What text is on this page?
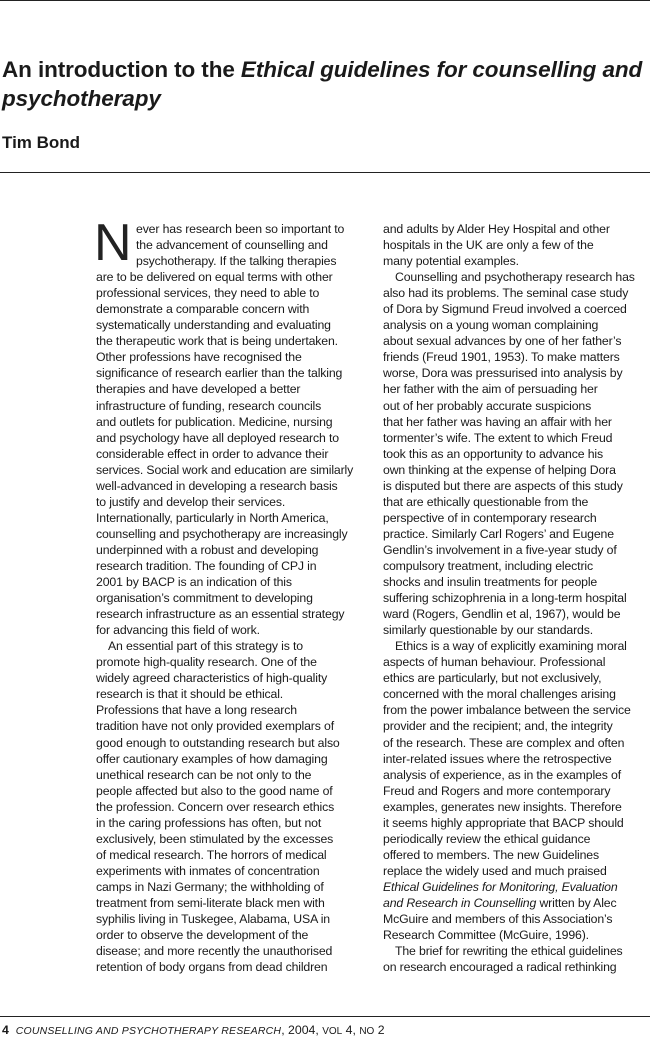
An introduction to the Ethical guidelines for counselling and psychotherapy
Tim Bond
N ever has research been so important to
the advancement of counselling and
psychotherapy. If the talking therapies
are to be delivered on equal terms with other
professional services, they need to able to
demonstrate a comparable concern with
systematically understanding and evaluating
the therapeutic work that is being undertaken.
Other professions have recognised the
significance of research earlier than the talking
therapies and have developed a better
infrastructure of funding, research councils
and outlets for publication. Medicine, nursing
and psychology have all deployed research to
considerable effect in order to advance their
services. Social work and education are similarly
well-advanced in developing a research basis
to justify and develop their services.
Internationally, particularly in North America,
counselling and psychotherapy are increasingly
underpinned with a robust and developing
research tradition. The founding of CPJ in
2001 by BACP is an indication of this
organisation’s commitment to developing
research infrastructure as an essential strategy
for advancing this field of work.
An essential part of this strategy is to
promote high-quality research. One of the
widely agreed characteristics of high-quality
research is that it should be ethical.
Professions that have a long research
tradition have not only provided exemplars of
good enough to outstanding research but also
offer cautionary examples of how damaging
unethical research can be not only to the
people affected but also to the good name of
the profession. Concern over research ethics
in the caring professions has often, but not
exclusively, been stimulated by the excesses
of medical research. The horrors of medical
experiments with inmates of concentration
camps in Nazi Germany; the withholding of
treatment from semi-literate black men with
syphilis living in Tuskegee, Alabama, USA in
order to observe the development of the
disease; and more recently the unauthorised
retention of body organs from dead children
and adults by Alder Hey Hospital and other
hospitals in the UK are only a few of the
many potential examples.
Counselling and psychotherapy research has
also had its problems. The seminal case study
of Dora by Sigmund Freud involved a coerced
analysis on a young woman complaining
about sexual advances by one of her father’s
friends (Freud 1901, 1953). To make matters
worse, Dora was pressurised into analysis by
her father with the aim of persuading her
out of her probably accurate suspicions
that her father was having an affair with her
tormenter’s wife. The extent to which Freud
took this as an opportunity to advance his
own thinking at the expense of helping Dora
is disputed but there are aspects of this study
that are ethically questionable from the
perspective of in contemporary research
practice. Similarly Carl Rogers’ and Eugene
Gendlin’s involvement in a five-year study of
compulsory treatment, including electric
shocks and insulin treatments for people
suffering schizophrenia in a long-term hospital
ward (Rogers, Gendlin et al, 1967), would be
similarly questionable by our standards.
Ethics is a way of explicitly examining moral
aspects of human behaviour. Professional
ethics are particularly, but not exclusively,
concerned with the moral challenges arising
from the power imbalance between the service
provider and the recipient; and, the integrity
of the research. These are complex and often
inter-related issues where the retrospective
analysis of experience, as in the examples of
Freud and Rogers and more contemporary
examples, generates new insights. Therefore
it seems highly appropriate that BACP should
periodically review the ethical guidance
offered to members. The new Guidelines
replace the widely used and much praised
Ethical Guidelines for Monitoring, Evaluation
and Research in Counselling written by Alec
McGuire and members of this Association’s
Research Committee (McGuire, 1996).
The brief for rewriting the ethical guidelines
on research encouraged a radical rethinking
4 COUNSELLING AND PSYCHOTHERAPY RESEARCH, 2004, VOL 4, NO 2
